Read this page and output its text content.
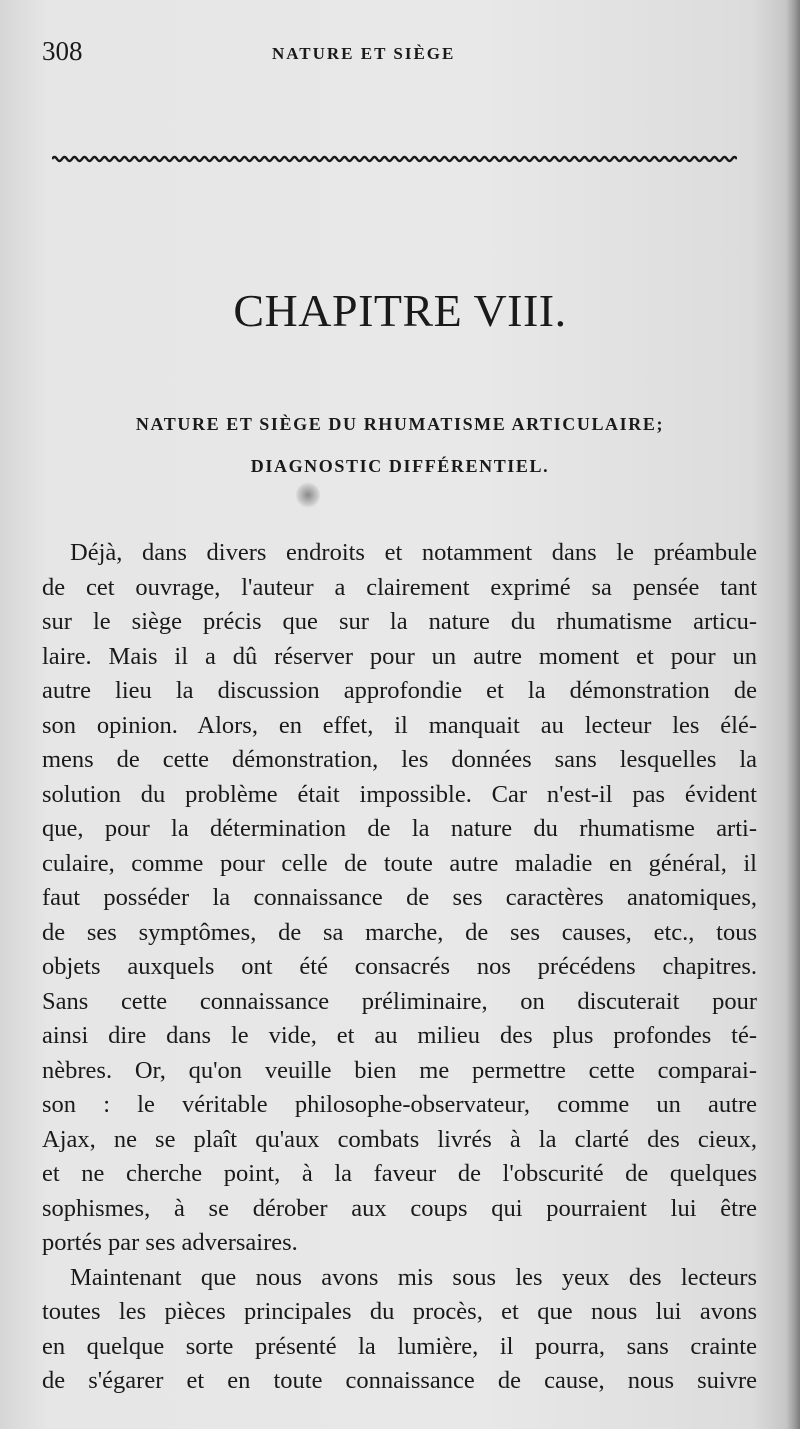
308	NATURE ET SIÈGE
CHAPITRE VIII.
NATURE ET SIÈGE DU RHUMATISME ARTICULAIRE;
DIAGNOSTIC DIFFÉRENTIEL.
Déjà, dans divers endroits et notamment dans le préambule
de cet ouvrage, l'auteur a clairement exprimé sa pensée tant
sur le siège précis que sur la nature du rhumatisme articu-
laire. Mais il a dû réserver pour un autre moment et pour un
autre lieu la discussion approfondie et la démonstration de
son opinion. Alors, en effet, il manquait au lecteur les élé-
mens de cette démonstration, les données sans lesquelles la
solution du problème était impossible. Car n'est-il pas évident
que, pour la détermination de la nature du rhumatisme arti-
culaire, comme pour celle de toute autre maladie en général, il
faut posséder la connaissance de ses caractères anatomiques,
de ses symptômes, de sa marche, de ses causes, etc., tous
objets auxquels ont été consacrés nos précédens chapitres.
Sans cette connaissance préliminaire, on discuterait pour
ainsi dire dans le vide, et au milieu des plus profondes té-
nèbres. Or, qu'on veuille bien me permettre cette comparai-
son : le véritable philosophe-observateur, comme un autre
Ajax, ne se plaît qu'aux combats livrés à la clarté des cieux,
et ne cherche point, à la faveur de l'obscurité de quelques
sophismes, à se dérober aux coups qui pourraient lui être
portés par ses adversaires.
Maintenant que nous avons mis sous les yeux des lecteurs
toutes les pièces principales du procès, et que nous lui avons
en quelque sorte présenté la lumière, il pourra, sans crainte
de s'égarer et en toute connaissance de cause, nous suivre
